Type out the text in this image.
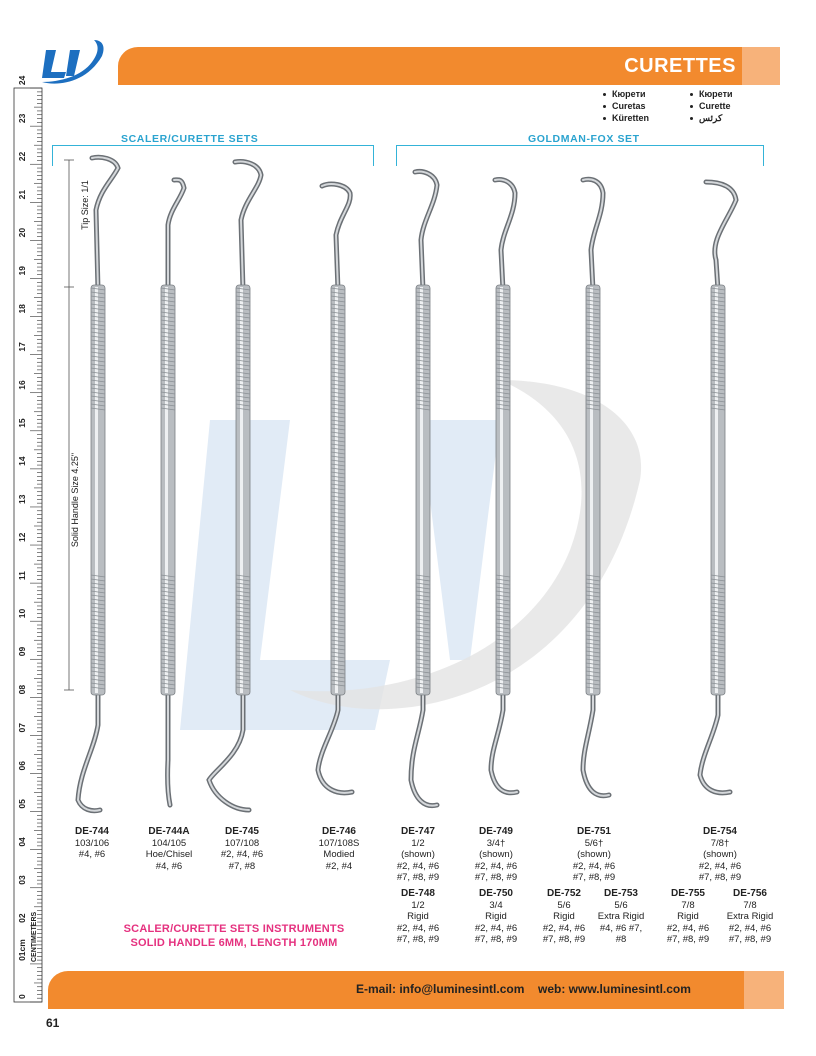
CURETTES
Кюрети
Curetas
Küretten
Кюрети
Curette
کرئس
0
01cm
02
03
04
05
06
07
08
09
10
11
12
13
14
15
16
17
18
19
20
21
22
23
24
CENTIMETERS
SCALER/CURETTE SETS	GOLDMAN-FOX SET
Tip Size: 1/1
Solid Handle Size 4.25"
DE-744
103/106
#4, #6
DE-744A
104/105
Hoe/Chisel
#4, #6
DE-745
107/108
#2, #4, #6
#7, #8
DE-746
107/108S
Modied
#2, #4
DE-747
1/2
(shown)
#2, #4, #6
#7, #8, #9
DE-749
3/4†
(shown)
#2, #4, #6
#7, #8, #9
DE-751
5/6†
(shown)
#2, #4, #6
#7, #8, #9
DE-754
7/8†
(shown)
#2, #4, #6
#7, #8, #9
DE-748
1/2
Rigid
#2, #4, #6
#7, #8, #9
DE-750
3/4
Rigid
#2, #4, #6
#7, #8, #9
DE-752
5/6
Rigid
#2, #4, #6
#7, #8, #9
DE-753
5/6
Extra Rigid
#4, #6 #7,
#8
DE-755
7/8
Rigid
#2, #4, #6
#7, #8, #9
DE-756
7/8
Extra Rigid
#2, #4, #6
#7, #8, #9
SCALER/CURETTE SETS INSTRUMENTS
SOLID HANDLE 6MM, LENGTH 170MM
E-mail: info@luminesintl.com web: www.luminesintl.com
61
